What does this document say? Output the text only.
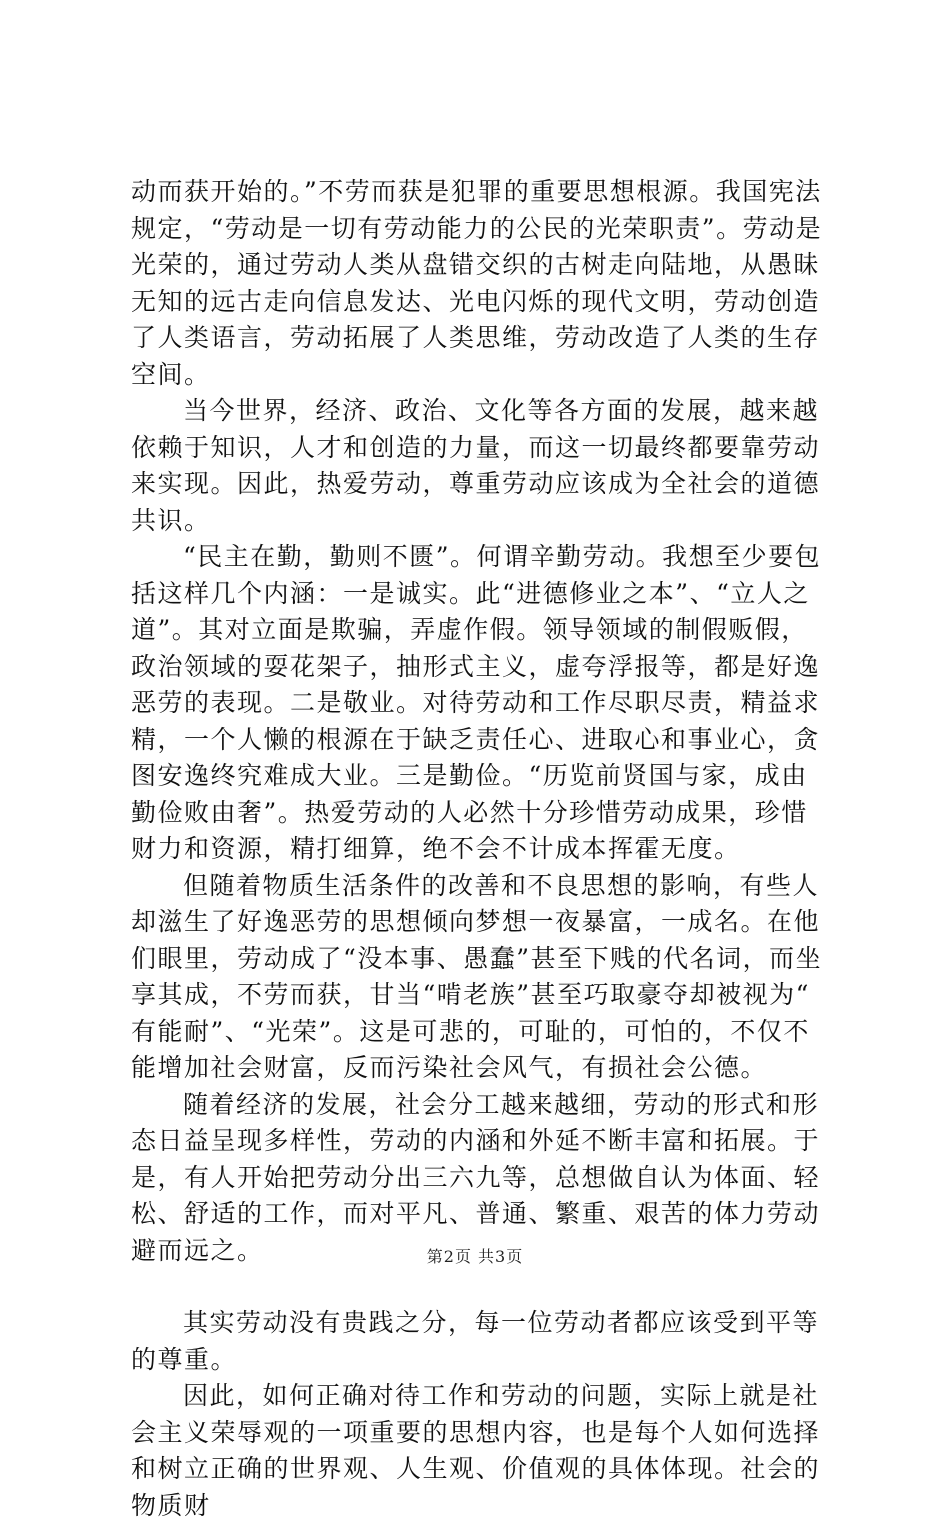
动而获开始的。”不劳而获是犯罪的重要思想根源。我国宪法规定，“劳动是一切有劳动能力的公民的光荣职责”。劳动是光荣的，通过劳动人类从盘错交织的古树走向陆地，从愚昧无知的远古走向信息发达、光电闪烁的现代文明，劳动创造了人类语言，劳动拓展了人类思维，劳动改造了人类的生存空间。

当今世界，经济、政治、文化等各方面的发展，越来越依赖于知识，人才和创造的力量，而这一切最终都要靠劳动来实现。因此，热爱劳动，尊重劳动应该成为全社会的道德共识。

“民主在勤，勤则不匮”。何谓辛勤劳动。我想至少要包括这样几个内涵：一是诚实。此“进德修业之本”、“立人之道”。其对立面是欺骗，弄虚作假。领导领域的制假贩假，政治领域的耍花架子，抽形式主义，虚夸浮报等，都是好逸恶劳的表现。二是敬业。对待劳动和工作尽职尽责，精益求精，一个人懒的根源在于缺乏责任心、进取心和事业心，贪图安逸终究难成大业。三是勤俭。“历览前贤国与家，成由勤俭败由奢”。热爱劳动的人必然十分珍惜劳动成果，珍惜财力和资源，精打细算，绝不会不计成本挥霍无度。

但随着物质生活条件的改善和不良思想的影响，有些人却滋生了好逸恶劳的思想倾向梦想一夜暴富，一成名。在他们眼里，劳动成了“没本事、愚蠢”甚至下贱的代名词，而坐享其成，不劳而获，甘当“啃老族”甚至巧取豪夺却被视为“有能耐”、“光荣”。这是可悲的，可耻的，可怕的，不仅不能增加社会财富，反而污染社会风气，有损社会公德。

随着经济的发展，社会分工越来越细，劳动的形式和形态日益呈现多样性，劳动的内涵和外延不断丰富和拓展。于是，有人开始把劳动分出三六九等，总想做自认为体面、轻松、舒适的工作，而对平凡、普通、繁重、艰苦的体力劳动避而远之。

其实劳动没有贵践之分，每一位劳动者都应该受到平等的尊重。

因此，如何正确对待工作和劳动的问题，实际上就是社会主义荣辱观的一项重要的思想内容，也是每个人如何选择和树立正确的世界观、人生观、价值观的具体体现。社会的物质财

第2页 共3页
